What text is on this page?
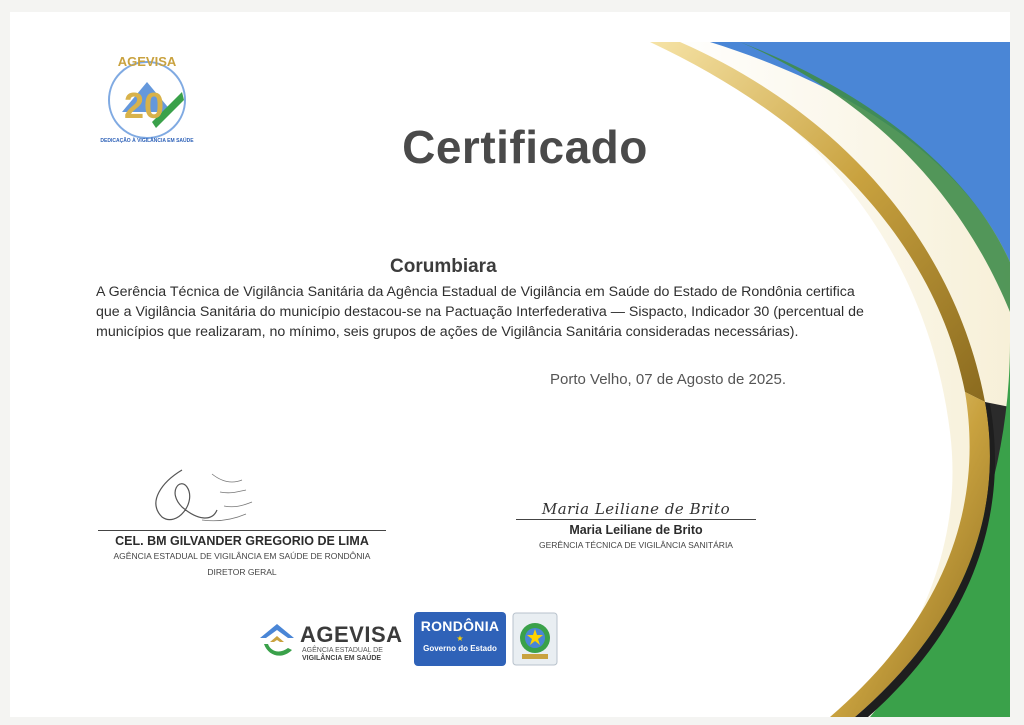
AGEVISA
20
DEDICAÇÃO À VIGILÂNCIA EM SAÚDE	Certificado
Corumbiara
A Gerência Técnica de Vigilância Sanitária da Agência Estadual de Vigilância em Saúde do Estado de Rondônia certifica que a Vigilância Sanitária do município destacou-se na Pactuação Interfederativa — Sispacto, Indicador 30 (percentual de municípios que realizaram, no mínimo, seis grupos de ações de Vigilância Sanitária consideradas necessárias).
Porto Velho, 07 de Agosto de 2025.
CEL. BM GILVANDER GREGORIO DE LIMA
AGÊNCIA ESTADUAL DE VIGILÂNCIA EM SAÚDE DE RONDÔNIA
DIRETOR GERAL
Maria Leiliane de Brito
Maria Leiliane de Brito
GERÊNCIA TÉCNICA DE VIGILÂNCIA SANITÁRIA
AGEVISA
AGÊNCIA ESTADUAL DE
VIGILÂNCIA EM SAÚDE
RONDÔNIA
★
Governo do Estado
